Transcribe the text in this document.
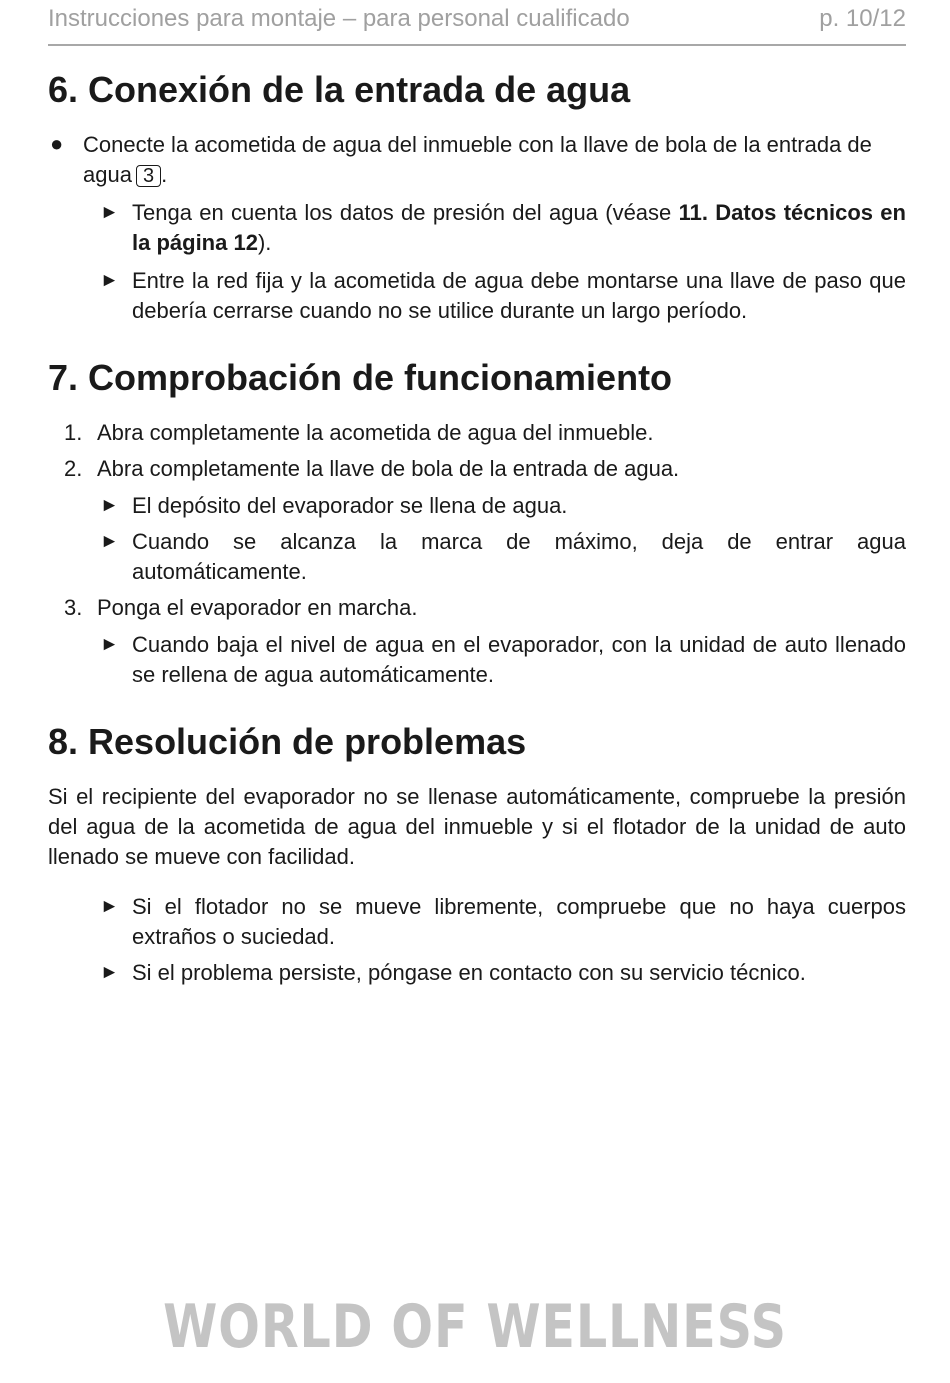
Instrucciones para montaje – para personal cualificado	p. 10/12
6. Conexión de la entrada de agua
● Conecte la acometida de agua del inmueble con la llave de bola de la entrada de agua 3 .
► Tenga en cuenta los datos de presión del agua (véase 11. Datos técnicos en la página 12).
► Entre la red fija y la acometida de agua debe montarse una llave de paso que debería cerrarse cuando no se utilice durante un largo período.
7. Comprobación de funcionamiento
1. Abra completamente la acometida de agua del inmueble.
2. Abra completamente la llave de bola de la entrada de agua.
► El depósito del evaporador se llena de agua.
► Cuando se alcanza la marca de máximo, deja de entrar agua automáticamente.
3. Ponga el evaporador en marcha.
► Cuando baja el nivel de agua en el evaporador, con la unidad de auto llenado se rellena de agua automáticamente.
8. Resolución de problemas

Si el recipiente del evaporador no se llenase automáticamente, compruebe la presión del agua de la acometida de agua del inmueble y si el flotador de la unidad de auto llenado se mueve con facilidad.

► Si el flotador no se mueve libremente, compruebe que no haya cuerpos extraños o suciedad.
► Si el problema persiste, póngase en contacto con su servicio técnico.
WORLD OF WELLNESS
